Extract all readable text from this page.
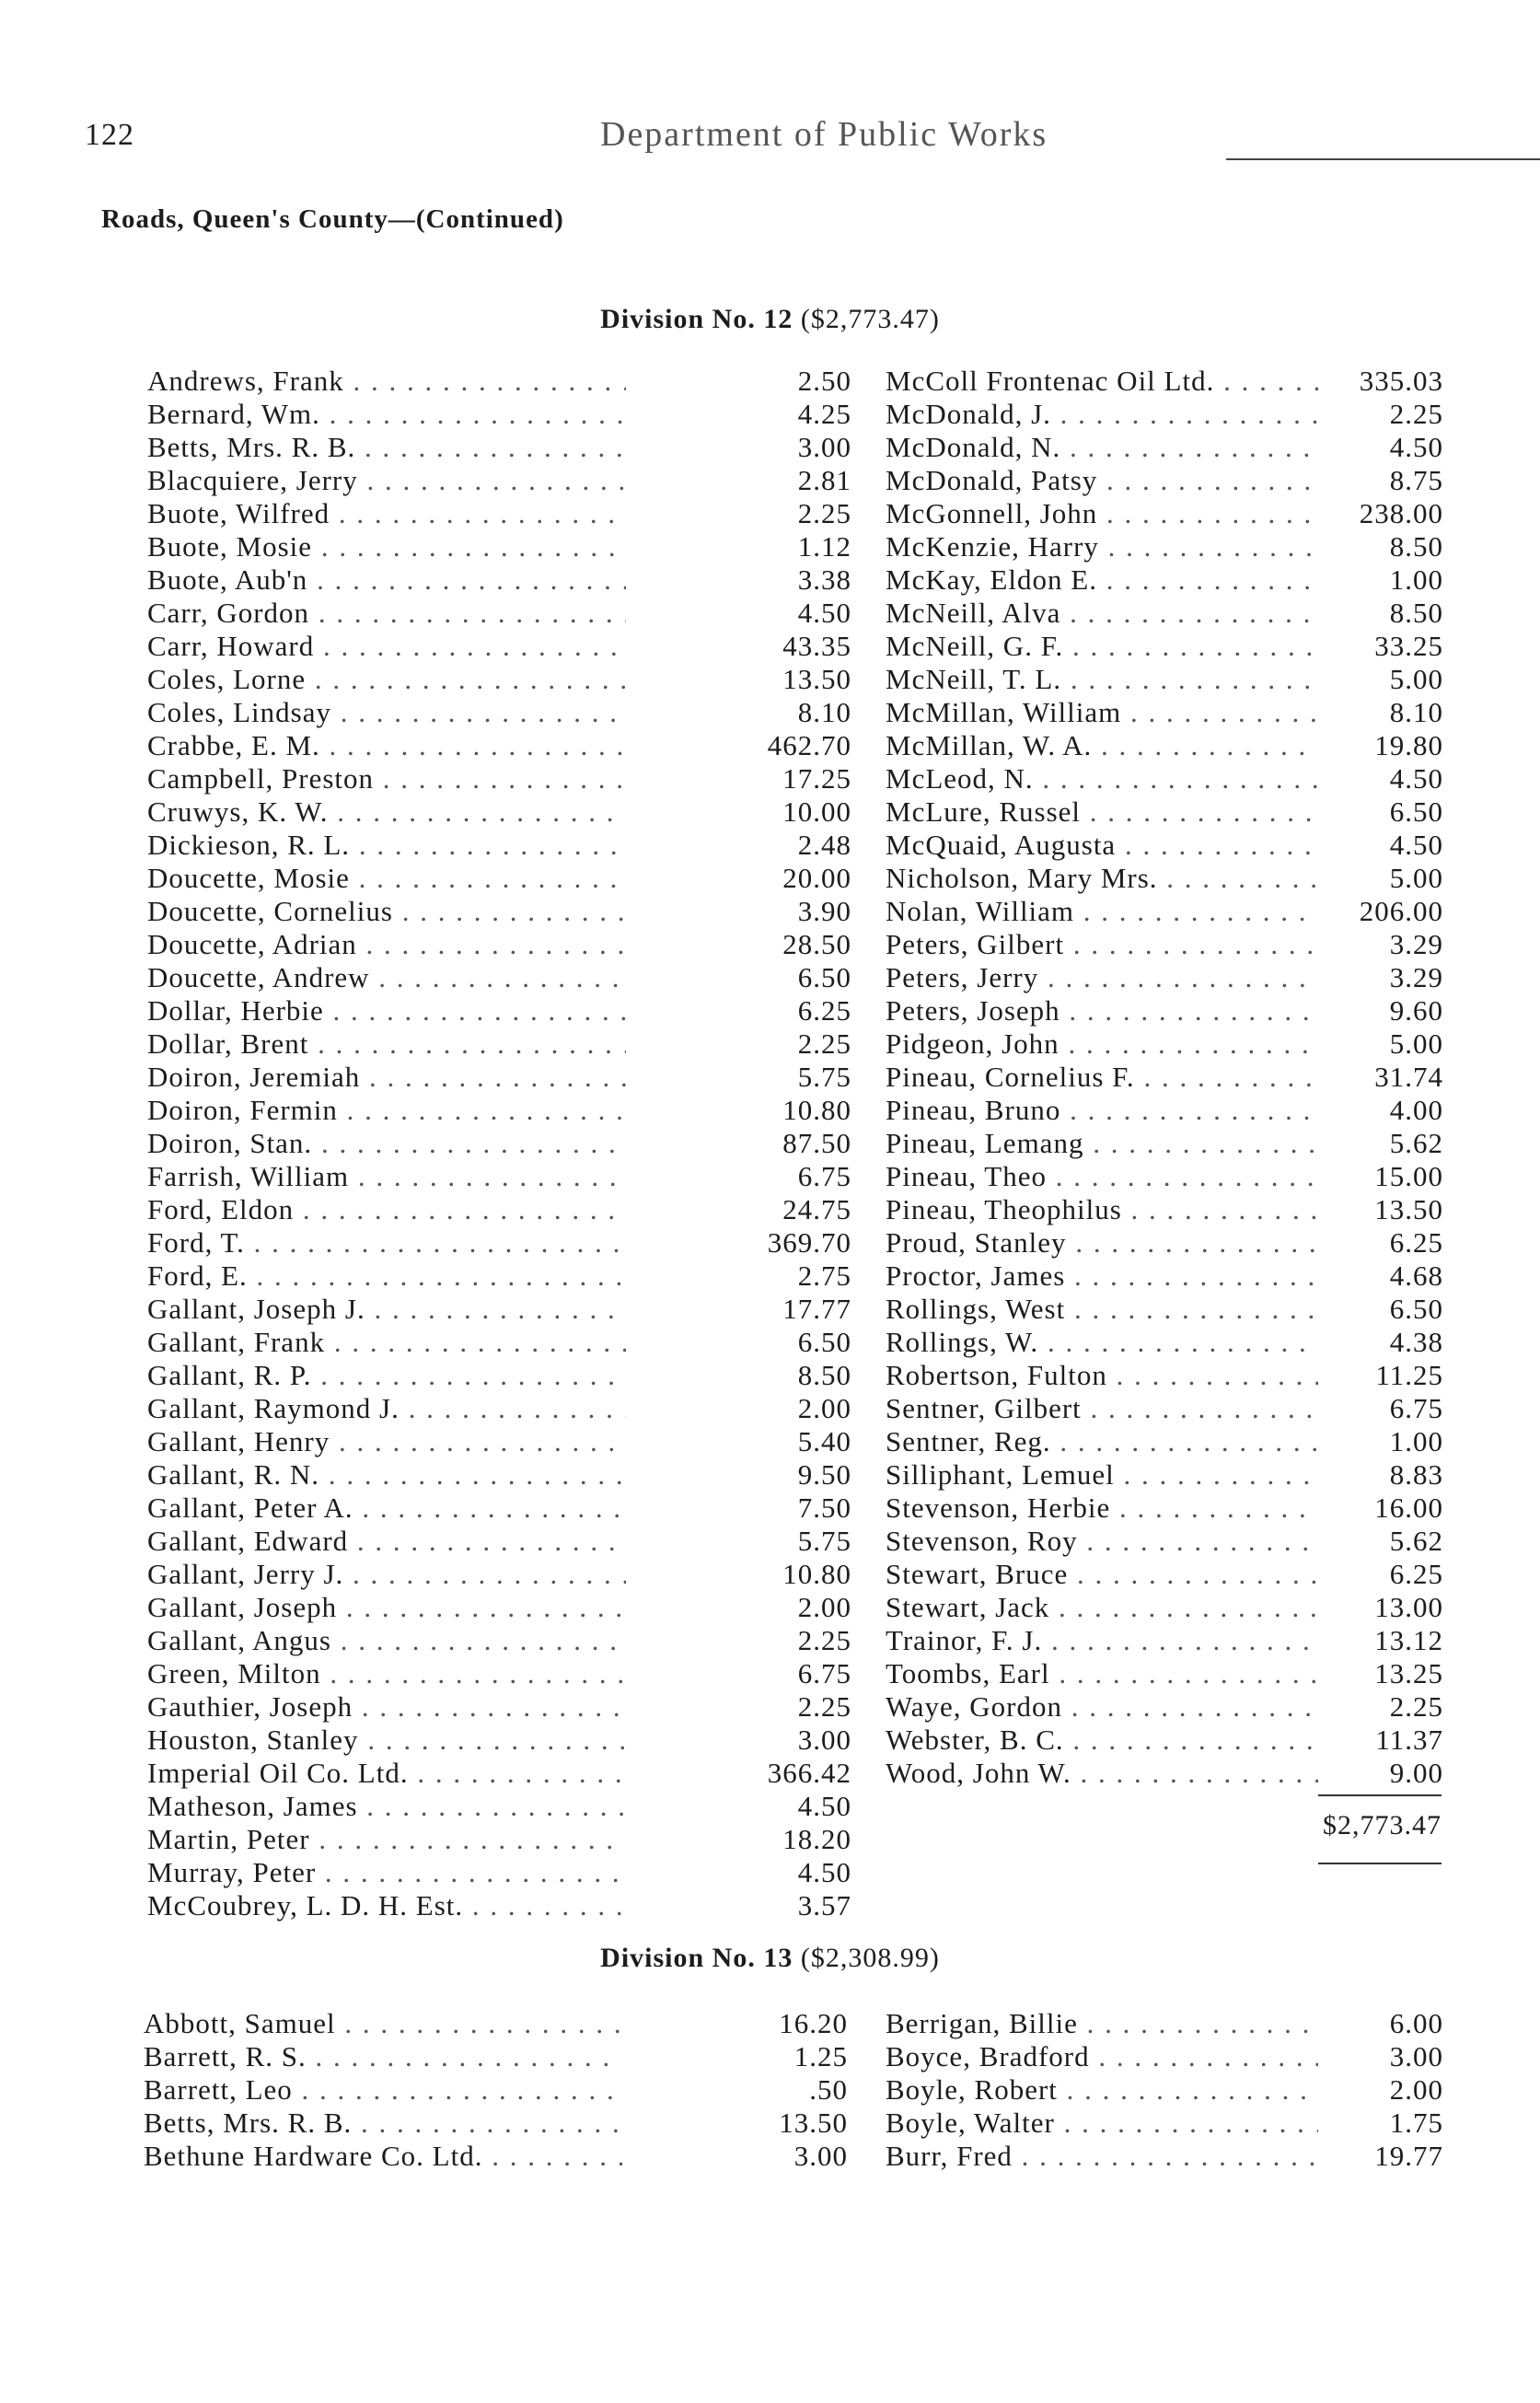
122	Department of Public Works
Roads, Queen's County—(Continued)
Division No. 12 ($2,773.47)
Andrews, Frank . . .	2.50
Bernard, Wm. . . .	4.25
Betts, Mrs. R. B. . . .	3.00
Blacquiere, Jerry . . .	2.81
Buote, Wilfred . . .	2.25
Buote, Mosie . . .	1.12
Buote, Aub'n . . .	3.38
Carr, Gordon . . .	4.50
Carr, Howard . . .	43.35
Coles, Lorne . . .	13.50
Coles, Lindsay . . .	8.10
Crabbe, E. M. . . .	462.70
Campbell, Preston . . .	17.25
Cruwys, K. W. . . .	10.00
Dickieson, R. L. . . .	2.48
Doucette, Mosie . . .	20.00
Doucette, Cornelius . . .	3.90
Doucette, Adrian . . .	28.50
Doucette, Andrew . . .	6.50
Dollar, Herbie . . .	6.25
Dollar, Brent . . .	2.25
Doiron, Jeremiah . . .	5.75
Doiron, Fermin . . .	10.80
Doiron, Stan. . . .	87.50
Farrish, William . . .	6.75
Ford, Eldon . . .	24.75
Ford, T. . . .	369.70
Ford, E. . . .	2.75
Gallant, Joseph J. . . .	17.77
Gallant, Frank . . .	6.50
Gallant, R. P. . . .	8.50
Gallant, Raymond J. . . .	2.00
Gallant, Henry . . .	5.40
Gallant, R. N. . . .	9.50
Gallant, Peter A. . . .	7.50
Gallant, Edward . . .	5.75
Gallant, Jerry J. . . .	10.80
Gallant, Joseph . . .	2.00
Gallant, Angus . . .	2.25
Green, Milton . . .	6.75
Gauthier, Joseph . . .	2.25
Houston, Stanley . . .	3.00
Imperial Oil Co. Ltd. . . .	366.42
Matheson, James . . .	4.50
Martin, Peter . . .	18.20
Murray, Peter . . .	4.50
McCoubrey, L. D. H. Est. . . .	3.57
McColl Frontenac Oil Ltd. . . .	335.03
McDonald, J. . . .	2.25
McDonald, N. . . .	4.50
McDonald, Patsy . . .	8.75
McGonnell, John . . .	238.00
McKenzie, Harry . . .	8.50
McKay, Eldon E. . . .	1.00
McNeill, Alva . . .	8.50
McNeill, G. F. . . .	33.25
McNeill, T. L. . . .	5.00
McMillan, William . . .	8.10
McMillan, W. A. . . .	19.80
McLeod, N. . . .	4.50
McLure, Russel . . .	6.50
McQuaid, Augusta . . .	4.50
Nicholson, Mary Mrs. . . .	5.00
Nolan, William . . .	206.00
Peters, Gilbert . . .	3.29
Peters, Jerry . . .	3.29
Peters, Joseph . . .	9.60
Pidgeon, John . . .	5.00
Pineau, Cornelius F. . . .	31.74
Pineau, Bruno . . .	4.00
Pineau, Lemang . . .	5.62
Pineau, Theo . . .	15.00
Pineau, Theophilus . . .	13.50
Proud, Stanley . . .	6.25
Proctor, James . . .	4.68
Rollings, West . . .	6.50
Rollings, W. . . .	4.38
Robertson, Fulton . . .	11.25
Sentner, Gilbert . . .	6.75
Sentner, Reg. . . .	1.00
Silliphant, Lemuel . . .	8.83
Stevenson, Herbie . . .	16.00
Stevenson, Roy . . .	5.62
Stewart, Bruce . . .	6.25
Stewart, Jack . . .	13.00
Trainor, F. J. . . .	13.12
Toombs, Earl . . .	13.25
Waye, Gordon . . .	2.25
Webster, B. C. . . .	11.37
Wood, John W. . . .	9.00
$2,773.47
Division No. 13 ($2,308.99)
Abbott, Samuel . . .	16.20
Barrett, R. S. . . .	1.25
Barrett, Leo . . .	.50
Betts, Mrs. R. B. . . .	13.50
Bethune Hardware Co. Ltd. . . .	3.00
Berrigan, Billie . . .	6.00
Boyce, Bradford . . .	3.00
Boyle, Robert . . .	2.00
Boyle, Walter . . .	1.75
Burr, Fred . . .	19.77
